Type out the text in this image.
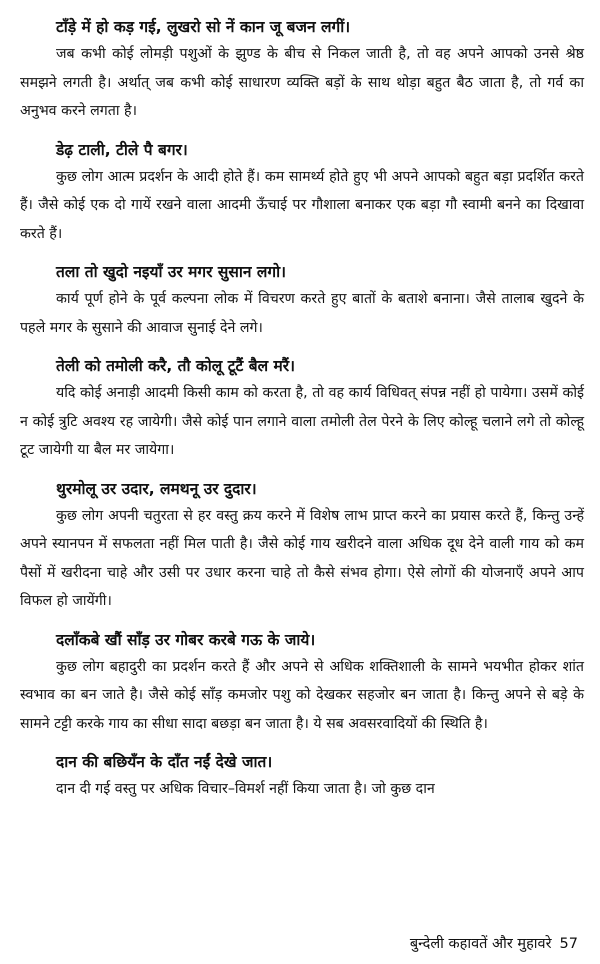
टाँड़े में हो कड़ गई, लुखरो सो नें कान जू बजन लगीं।

जब कभी कोई लोमड़ी पशुओं के झुण्ड के बीच से निकल जाती है, तो वह अपने आपको उनसे श्रेष्ठ समझने लगती है। अर्थात् जब कभी कोई साधारण व्यक्ति बड़ों के साथ थोड़ा बहुत बैठ जाता है, तो गर्व का अनुभव करने लगता है।

डेढ़ टाली, टीले पै बगर।

कुछ लोग आत्म प्रदर्शन के आदी होते हैं। कम सामर्थ्य होते हुए भी अपने आपको बहुत बड़ा प्रदर्शित करते हैं। जैसे कोई एक दो गायें रखने वाला आदमी ऊँचाई पर गौशाला बनाकर एक बड़ा गौ स्वामी बनने का दिखावा करते हैं।

तला तो खुदो नइयाँ उर मगर सुसान लगो।

कार्य पूर्ण होने के पूर्व कल्पना लोक में विचरण करते हुए बातों के बताशे बनाना। जैसे तालाब खुदने के पहले मगर के सुसाने की आवाज सुनाई देने लगे।

तेली को तमोली करै, तौ कोलू टूटैं बैल मरैं।

यदि कोई अनाड़ी आदमी किसी काम को करता है, तो वह कार्य विधिवत् संपन्न नहीं हो पायेगा। उसमें कोई न कोई त्रुटि अवश्य रह जायेगी। जैसे कोई पान लगाने वाला तमोली तेल पेरने के लिए कोल्हू चलाने लगे तो कोल्हू टूट जायेगी या बैल मर जायेगा।

थुरमोलू उर उदार, लमथनू उर दुदार।

कुछ लोग अपनी चतुरता से हर वस्तु क्रय करने में विशेष लाभ प्राप्त करने का प्रयास करते हैं, किन्तु उन्हें अपने स्यानपन में सफलता नहीं मिल पाती है। जैसे कोई गाय खरीदने वाला अधिक दूध देने वाली गाय को कम पैसों में खरीदना चाहे और उसी पर उधार करना चाहे तो कैसे संभव होगा। ऐसे लोगों की योजनाएँ अपने आप विफल हो जायेंगी।

दलाँकबे खौं साँड़ उर गोबर करबे गऊ के जाये।

कुछ लोग बहादुरी का प्रदर्शन करते हैं और अपने से अधिक शक्तिशाली के सामने भयभीत होकर शांत स्वभाव का बन जाते है। जैसे कोई साँड़ कमजोर पशु को देखकर सहजोर बन जाता है। किन्तु अपने से बड़े के सामने टट्टी करके गाय का सीधा सादा बछड़ा बन जाता है। ये सब अवसरवादियों की स्थिति है।

दान की बछियँन के दाँत नईं देखे जात।

दान दी गई वस्तु पर अधिक विचार–विमर्श नहीं किया जाता है। जो कुछ दान

बुन्देली कहावतें और मुहावरे 57
